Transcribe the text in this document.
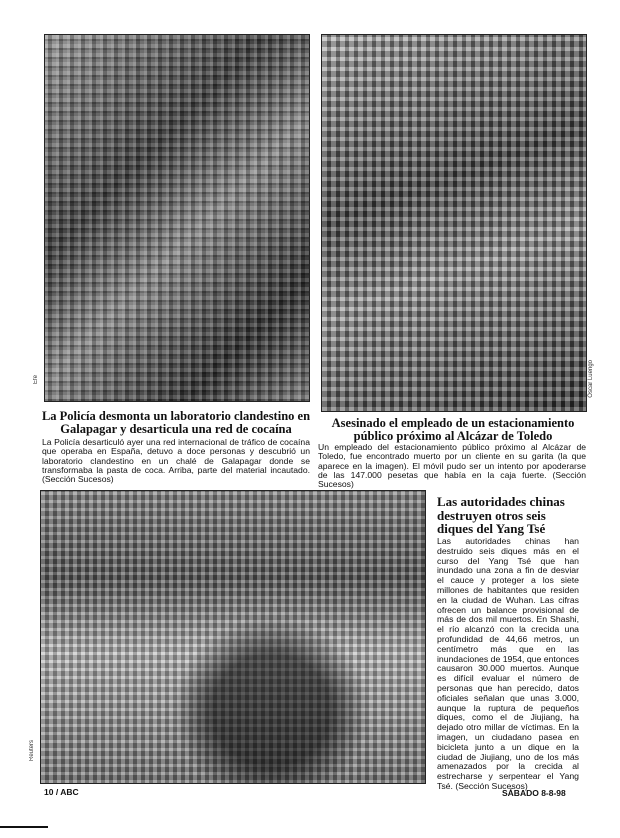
Efe
La Policía desmonta un laboratorio clandestino en Galapagar y desarticula una red de cocaína

La Policía desarticuló ayer una red internacional de tráfico de cocaína que operaba en España, detuvo a doce personas y descubrió un laboratorio clandestino en un chalé de Galapagar donde se transformaba la pasta de coca. Arriba, parte del material incautado. (Sección Sucesos)

Óscar Luengo
Asesinado el empleado de un estacionamiento público próximo al Alcázar de Toledo

Un empleado del estacionamiento público próximo al Alcázar de Toledo, fue encontrado muerto por un cliente en su garita (la que aparece en la imagen). El móvil pudo ser un intento por apoderarse de las 147.000 pesetas que había en la caja fuerte. (Sección Sucesos)

Reuters
Las autoridades chinas destruyen otros seis diques del Yang Tsé

Las autoridades chinas han destruido seis diques más en el curso del Yang Tsé que han inundado una zona a fin de desviar el cauce y proteger a los siete millones de habitantes que residen en la ciudad de Wuhan. Las cifras ofrecen un balance provisional de más de dos mil muertos. En Shashi, el río alcanzó con la crecida una profundidad de 44,66 metros, un centímetro más que en las inundaciones de 1954, que entonces causaron 30.000 muertos. Aunque es difícil evaluar el número de personas que han perecido, datos oficiales señalan que unas 3.000, aunque la ruptura de pequeños diques, como el de Jiujiang, ha dejado otro millar de víctimas. En la imagen, un ciudadano pasea en bicicleta junto a un dique en la ciudad de Jiujiang, uno de los más amenazados por la crecida al estrecharse y serpentear el Yang Tsé. (Sección Sucesos)

10 / ABC	SÁBADO 8-8-98
